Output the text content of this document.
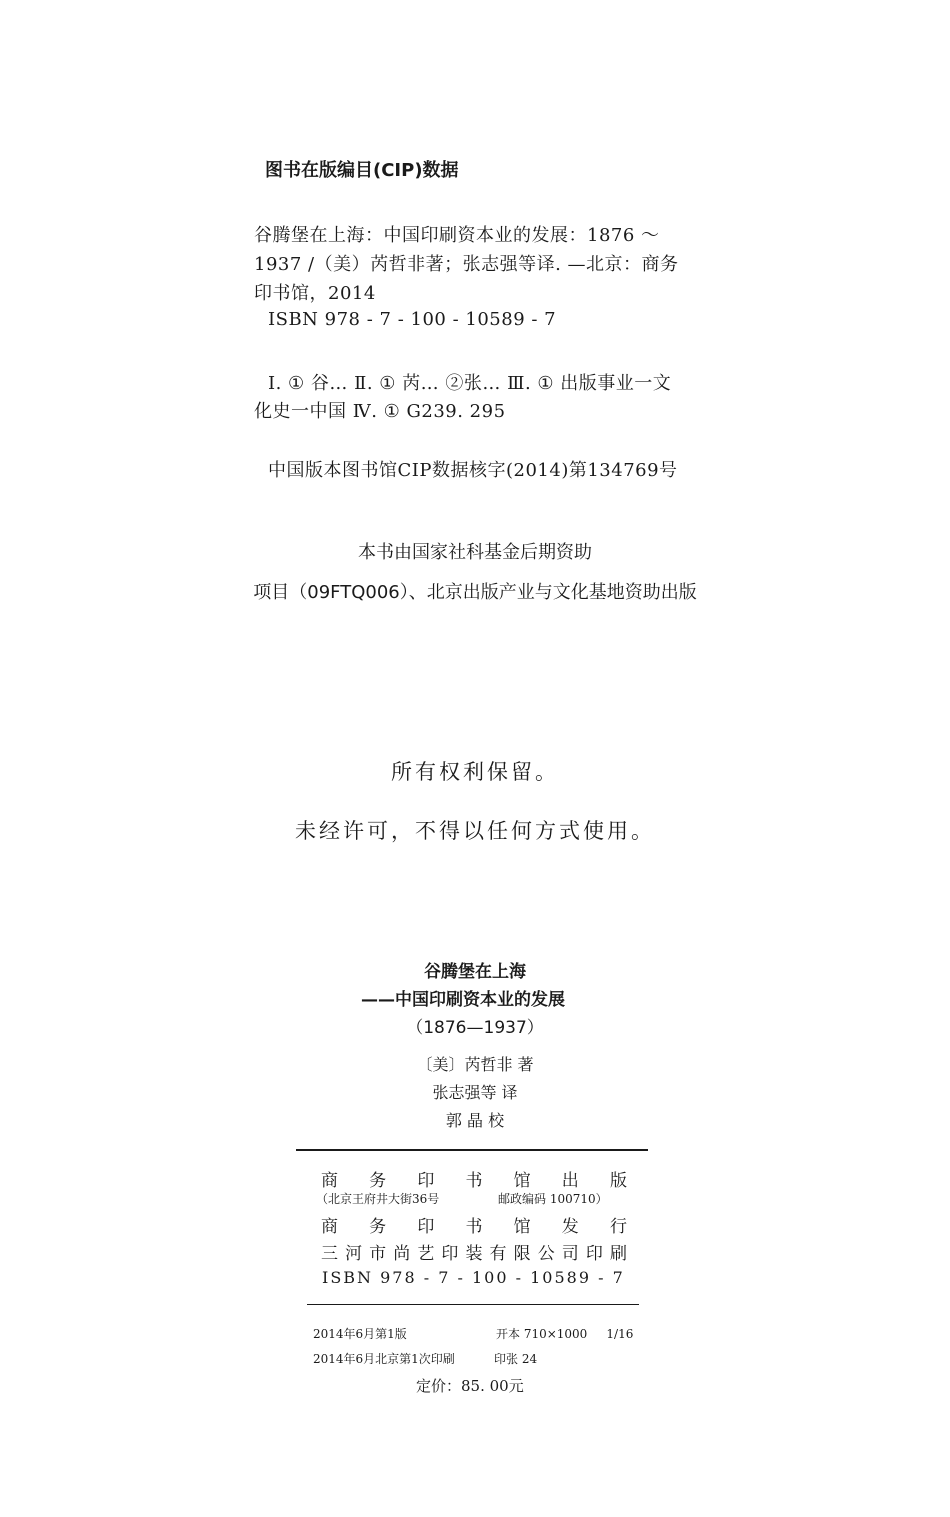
图书在版编目(CIP)数据
谷腾堡在上海：中国印刷资本业的发展：1876 ～
1937 /（美）芮哲非著；张志强等译. —北京：商务
印书馆，2014
ISBN 978 - 7 - 100 - 10589 - 7
Ⅰ. ① 谷… Ⅱ. ① 芮… ②张… Ⅲ. ① 出版事业一文
化史一中国 Ⅳ. ① G239. 295
中国版本图书馆CIP数据核字(2014)第134769号
本书由国家社科基金后期资助
项目（09FTQ006）、北京出版产业与文化基地资助出版
所有权利保留。
未经许可，不得以任何方式使用。
谷腾堡在上海
——中国印刷资本业的发展
（1876—1937）
〔美〕芮哲非 著
张志强等 译
郭 晶 校
商 务 印 书 馆 出 版
（北京王府井大街36号	邮政编码 100710）
商 务 印 书 馆 发 行
三 河 市 尚 艺 印 装 有 限 公 司 印 刷
ISBN 978 - 7 - 100 - 10589 - 7
2014年6月第1版	开本 710×1000     1/16
2014年6月北京第1次印刷	印张 24
定价：85. 00元
